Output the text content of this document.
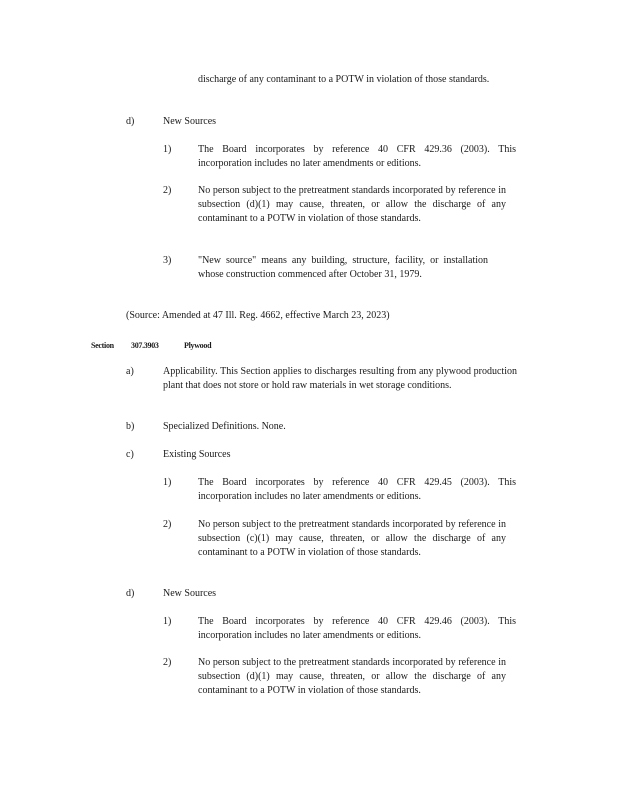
discharge of any contaminant to a POTW in violation of those standards.

d)	New Sources
1)	The Board incorporates by reference 40 CFR 429.36 (2003). This incorporation includes no later amendments or editions.

2)	No person subject to the pretreatment standards incorporated by reference in subsection (d)(1) may cause, threaten, or allow the discharge of any contaminant to a POTW in violation of those standards.

3)	"New source" means any building, structure, facility, or installation whose construction commenced after October 31, 1979.

(Source: Amended at 47 Ill. Reg. 4662, effective March 23, 2023)

Section 307.3903	Plywood
a)	Applicability. This Section applies to discharges resulting from any plywood production plant that does not store or hold raw materials in wet storage conditions.

b)	Specialized Definitions. None.

c)	Existing Sources
1)	The Board incorporates by reference 40 CFR 429.45 (2003). This incorporation includes no later amendments or editions.

2)	No person subject to the pretreatment standards incorporated by reference in subsection (c)(1) may cause, threaten, or allow the discharge of any contaminant to a POTW in violation of those standards.

d)	New Sources
1)	The Board incorporates by reference 40 CFR 429.46 (2003). This incorporation includes no later amendments or editions.

2)	No person subject to the pretreatment standards incorporated by reference in subsection (d)(1) may cause, threaten, or allow the discharge of any contaminant to a POTW in violation of those standards.
